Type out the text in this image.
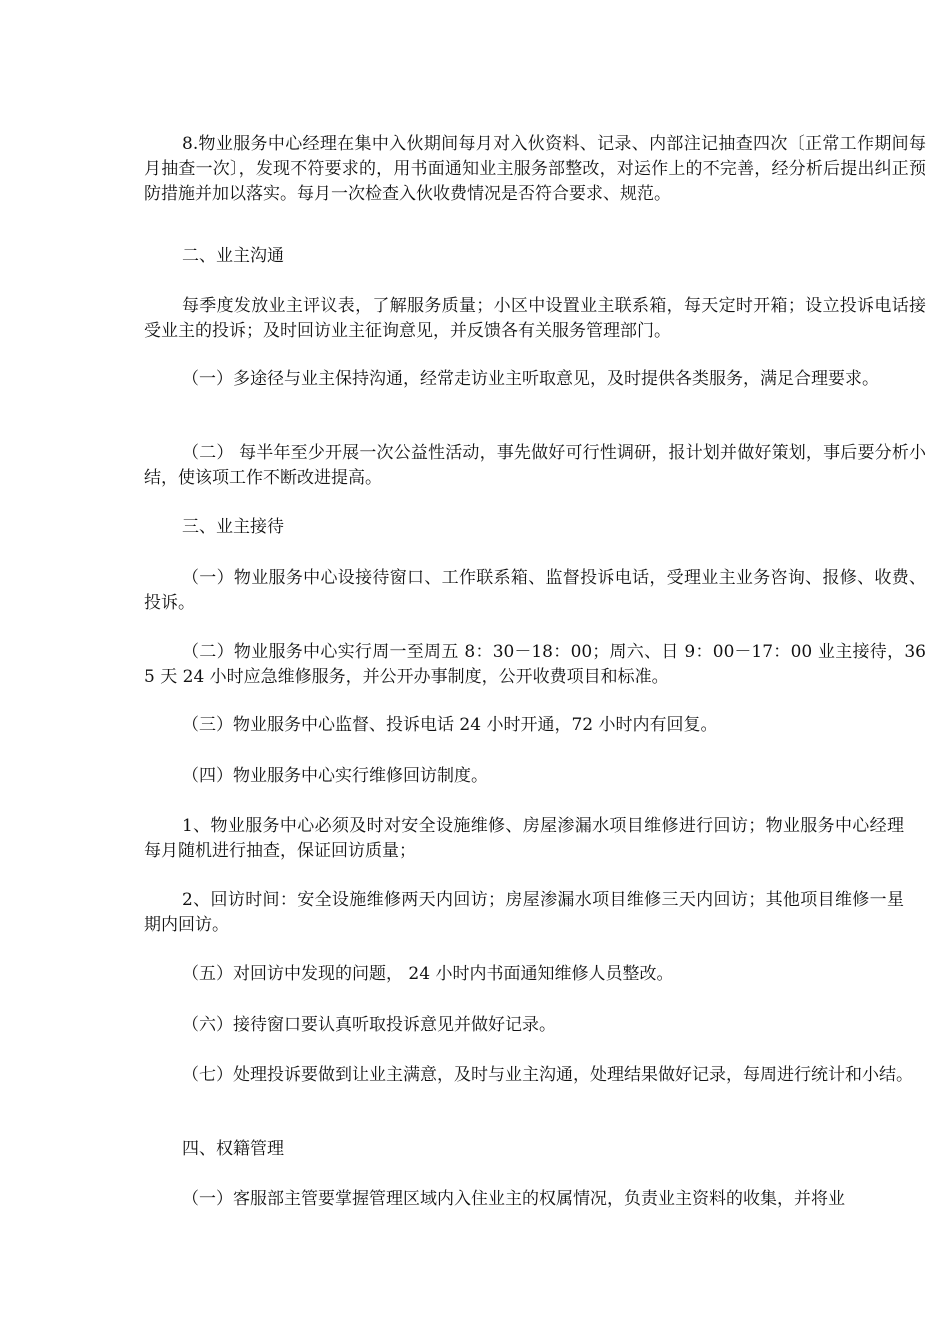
8.物业服务中心经理在集中入伙期间每月对入伙资料、记录、内部注记抽查四次〔正常工作期间每月抽查一次〕，发现不符要求的，用书面通知业主服务部整改，对运作上的不完善，经分析后提出纠正预防措施并加以落实。每月一次检查入伙收费情况是否符合要求、规范。

二、业主沟通

每季度发放业主评议表，了解服务质量；小区中设置业主联系箱，每天定时开箱；设立投诉电话接受业主的投诉；及时回访业主征询意见，并反馈各有关服务管理部门。

（一）多途径与业主保持沟通，经常走访业主听取意见，及时提供各类服务，满足合理要求。

（二） 每半年至少开展一次公益性活动，事先做好可行性调研，报计划并做好策划，事后要分析小结，使该项工作不断改进提高。

三、业主接待

（一）物业服务中心设接待窗口、工作联系箱、监督投诉电话，受理业主业务咨询、报修、收费、投诉。

（二）物业服务中心实行周一至周五 8：30－18：00；周六、日 9：00－17：00 业主接待，365 天 24 小时应急维修服务，并公开办事制度，公开收费项目和标准。

（三）物业服务中心监督、投诉电话 24 小时开通，72 小时内有回复。

（四）物业服务中心实行维修回访制度。

1、物业服务中心必须及时对安全设施维修、房屋渗漏水项目维修进行回访；物业服务中心经理每月随机进行抽查，保证回访质量；

2、回访时间：安全设施维修两天内回访；房屋渗漏水项目维修三天内回访；其他项目维修一星期内回访。

（五）对回访中发现的问题， 24 小时内书面通知维修人员整改。

（六）接待窗口要认真听取投诉意见并做好记录。

（七）处理投诉要做到让业主满意，及时与业主沟通，处理结果做好记录，每周进行统计和小结。

四、权籍管理

（一）客服部主管要掌握管理区域内入住业主的权属情况，负责业主资料的收集，并将业
